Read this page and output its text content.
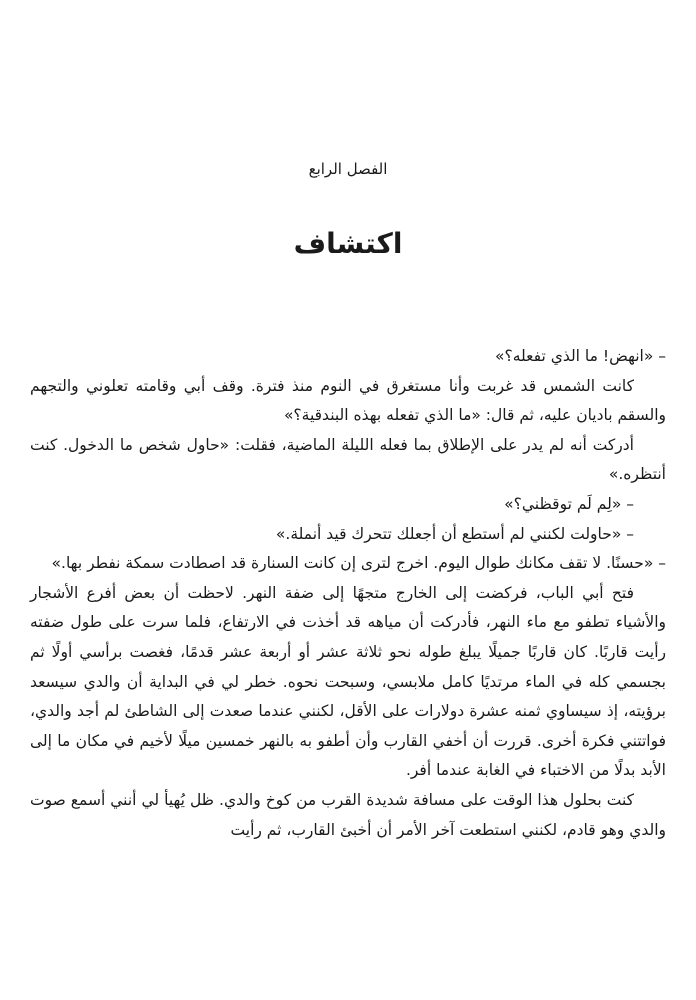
الفصل الرابع
اكتشاف

– «انهض! ما الذي تفعله؟»

كانت الشمس قد غربت وأنا مستغرق في النوم منذ فترة. وقف أبي وقامته تعلوني والتجهم والسقم باديان عليه، ثم قال: «ما الذي تفعله بهذه البندقية؟»

أدركت أنه لم يدر على الإطلاق بما فعله الليلة الماضية، فقلت: «حاول شخص ما الدخول. كنت أنتظره.»

– «لِم لَم توقظني؟»

– «حاولت لكنني لم أستطع أن أجعلك تتحرك قيد أنملة.»

– «حسنًا. لا تقف مكانك طوال اليوم. اخرج لترى إن كانت السنارة قد اصطادت سمكة نفطر بها.»

فتح أبي الباب، فركضت إلى الخارج متجهًا إلى ضفة النهر. لاحظت أن بعض أفرع الأشجار والأشياء تطفو مع ماء النهر، فأدركت أن مياهه قد أخذت في الارتفاع، فلما سرت على طول ضفته رأيت قاربًا. كان قاربًا جميلًا يبلغ طوله نحو ثلاثة عشر أو أربعة عشر قدمًا، فغصت برأسي أولًا ثم بجسمي كله في الماء مرتديًا كامل ملابسي، وسبحت نحوه. خطر لي في البداية أن والدي سيسعد برؤيته، إذ سيساوي ثمنه عشرة دولارات على الأقل، لكنني عندما صعدت إلى الشاطئ لم أجد والدي، فواتتني فكرة أخرى. قررت أن أخفي القارب وأن أطفو به بالنهر خمسين ميلًا لأخيم في مكان ما إلى الأبد بدلًا من الاختباء في الغابة عندما أفر.

كنت بحلول هذا الوقت على مسافة شديدة القرب من كوخ والدي. ظل يُهيأ لي أنني أسمع صوت والدي وهو قادم، لكنني استطعت آخر الأمر أن أخبئ القارب، ثم رأيت
